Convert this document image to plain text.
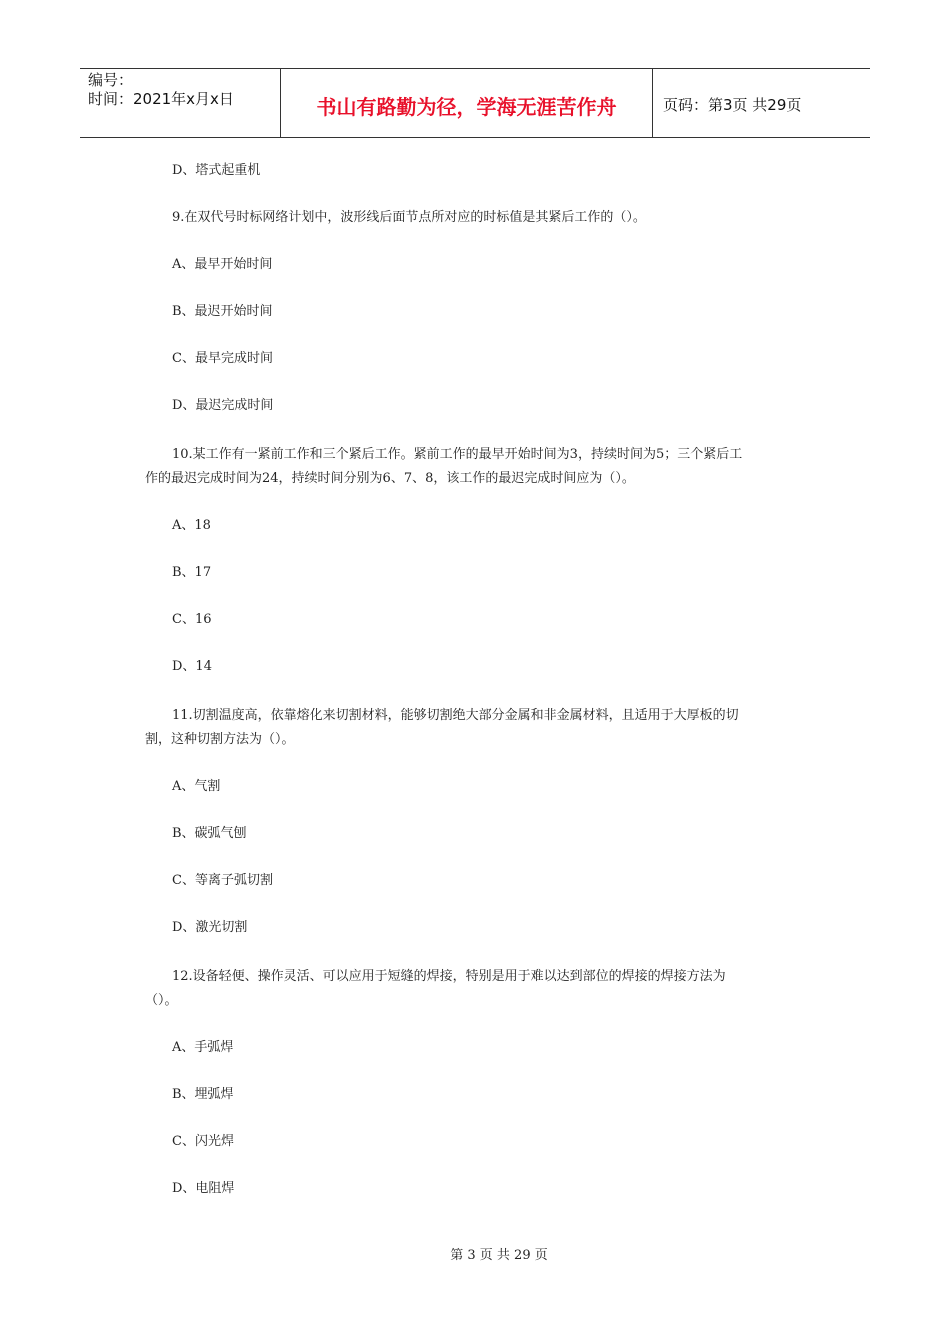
编号：
时间：2021年x月x日	书山有路勤为径，学海无涯苦作舟	页码：第3页 共29页
D、塔式起重机
9.在双代号时标网络计划中，波形线后面节点所对应的时标值是其紧后工作的（）。
A、最早开始时间
B、最迟开始时间
C、最早完成时间
D、最迟完成时间
10.某工作有一紧前工作和三个紧后工作。紧前工作的最早开始时间为3，持续时间为5；三个紧后工
作的最迟完成时间为24，持续时间分别为6、7、8，该工作的最迟完成时间应为（）。
A、18
B、17
C、16
D、14
11.切割温度高，依靠熔化来切割材料，能够切割绝大部分金属和非金属材料，且适用于大厚板的切
割，这种切割方法为（）。
A、气割
B、碳弧气刨
C、等离子弧切割
D、激光切割
12.设备轻便、操作灵活、可以应用于短缝的焊接，特别是用于难以达到部位的焊接的焊接方法为
（）。
A、手弧焊
B、埋弧焊
C、闪光焊
D、电阻焊
第 3 页 共 29 页
